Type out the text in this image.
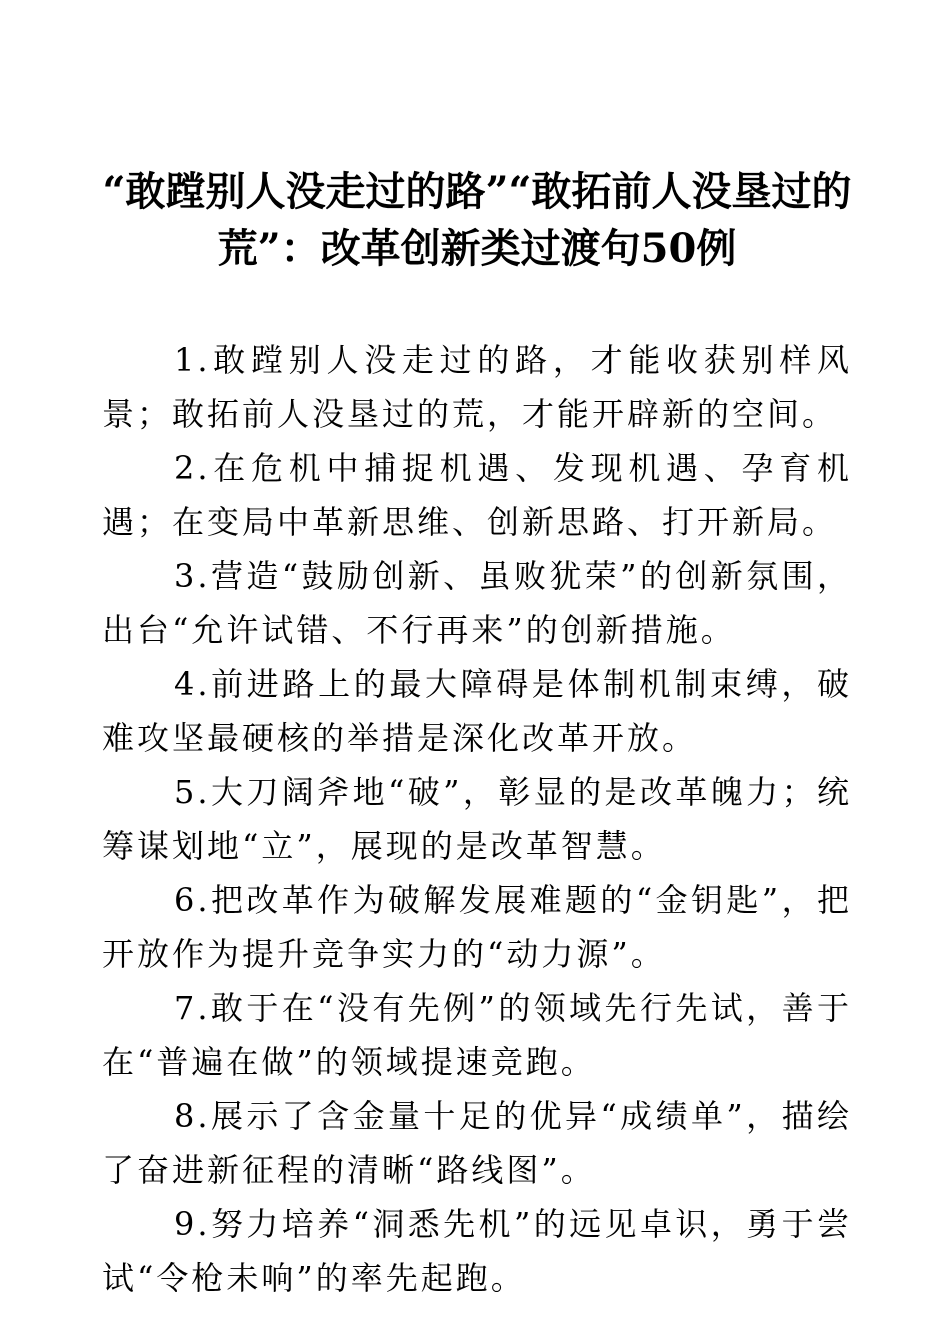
“敢蹚别人没走过的路”“敢拓前人没垦过的荒”：改革创新类过渡句50例

1.敢蹚别人没走过的路，才能收获别样风景；敢拓前人没垦过的荒，才能开辟新的空间。

2.在危机中捕捉机遇、发现机遇、孕育机遇；在变局中革新思维、创新思路、打开新局。

3.营造“鼓励创新、虽败犹荣”的创新氛围，出台“允许试错、不行再来”的创新措施。

4.前进路上的最大障碍是体制机制束缚，破难攻坚最硬核的举措是深化改革开放。

5.大刀阔斧地“破”，彰显的是改革魄力；统筹谋划地“立”，展现的是改革智慧。

6.把改革作为破解发展难题的“金钥匙”，把开放作为提升竞争实力的“动力源”。

7.敢于在“没有先例”的领域先行先试，善于在“普遍在做”的领域提速竞跑。

8.展示了含金量十足的优异“成绩单”，描绘了奋进新征程的清晰“路线图”。

9.努力培养“洞悉先机”的远见卓识，勇于尝试“令枪未响”的率先起跑。
